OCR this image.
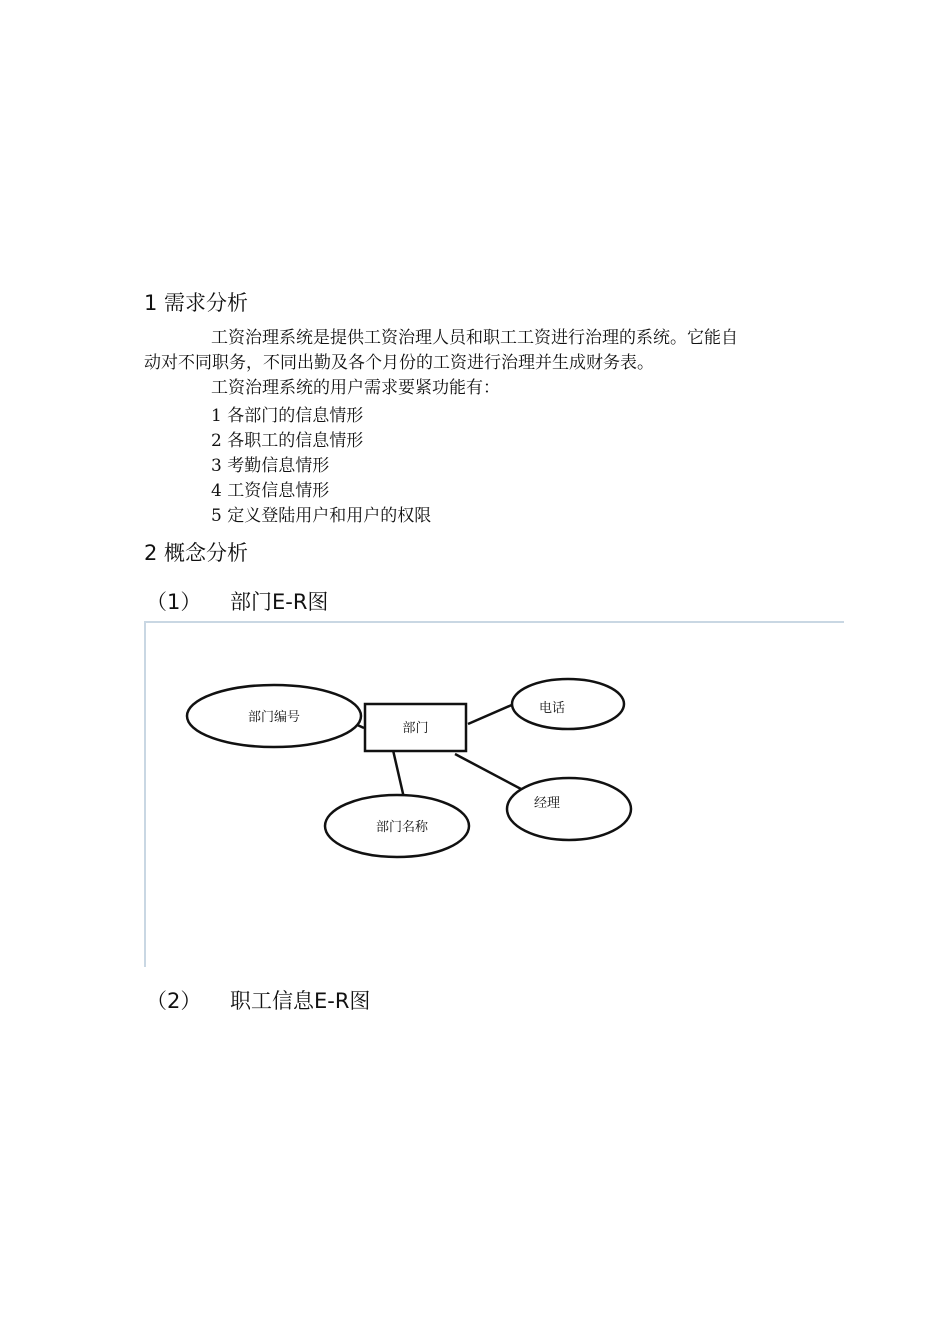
1 需求分析
工资治理系统是提供工资治理人员和职工工资进行治理的系统。它能自
动对不同职务，不同出勤及各个月份的工资进行治理并生成财务表。
工资治理系统的用户需求要紧功能有：
1 各部门的信息情形
2 各职工的信息情形
3 考勤信息情形
4 工资信息情形
5 定义登陆用户和用户的权限
2 概念分析
（1） 部门E-R图
部门
部门编号
电话
部门名称
经理
（2） 职工信息E-R图
